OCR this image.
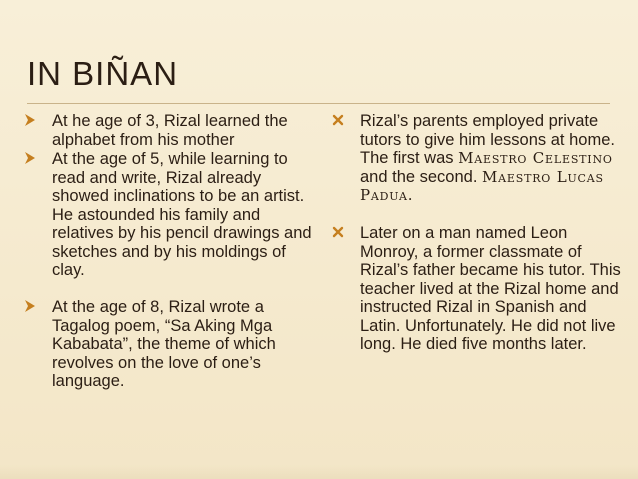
IN BIÑAN
At he age of 3, Rizal learned the alphabet from his mother
At the age of 5, while learning to read and write, Rizal already showed inclinations to be an artist. He astounded his family and relatives by his pencil drawings and sketches and by his moldings of clay.
At the age of 8, Rizal wrote a Tagalog poem, “Sa Aking Mga Kababata”, the theme of which revolves on the love of one’s language.
Rizal’s parents employed private tutors to give him lessons at home. The first was Maestro Celestino and the second. Maestro Lucas Padua.
Later on a man named Leon Monroy, a former classmate of Rizal’s father became his tutor. This teacher lived at the Rizal home and instructed Rizal in Spanish and Latin. Unfortunately. He did not live long. He died five months later.
